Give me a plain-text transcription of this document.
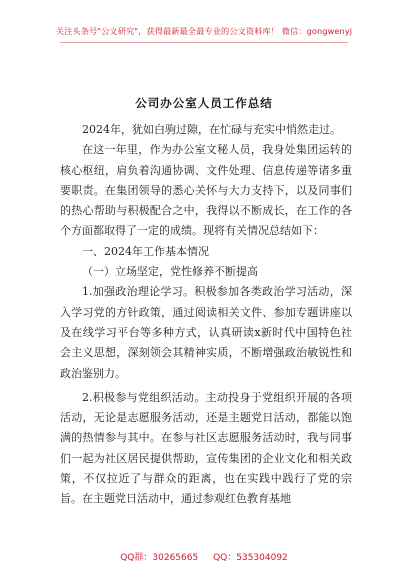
关注头条号"公文研究"，获得最新最全最专业的公文资料库！ 微信：gongwenyj
公司办公室人员工作总结

2024年，犹如白驹过隙，在忙碌与充实中悄然走过。

在这一年里，作为办公室文秘人员，我身处集团运转的核心枢纽，肩负着沟通协调、文件处理、信息传递等诸多重要职责。在集团领导的悉心关怀与大力支持下，以及同事们的热心帮助与积极配合之中，我得以不断成长，在工作的各个方面都取得了一定的成绩。现将有关情况总结如下：

一、2024年工作基本情况

（一）立场坚定，党性修养不断提高

1.加强政治理论学习。积极参加各类政治学习活动，深入学习党的方针政策，通过阅读相关文件、参加专题讲座以及在线学习平台等多种方式，认真研读x新时代中国特色社会主义思想，深刻领会其精神实质，不断增强政治敏锐性和政治鉴别力。

2.积极参与党组织活动。主动投身于党组织开展的各项活动，无论是志愿服务活动，还是主题党日活动，都能以饱满的热情参与其中。在参与社区志愿服务活动时，我与同事们一起为社区居民提供帮助，宣传集团的企业文化和相关政策，不仅拉近了与群众的距离，也在实践中践行了党的宗旨。在主题党日活动中，通过参观红色教育基地

QQ群：30265665 QQ：535304092
